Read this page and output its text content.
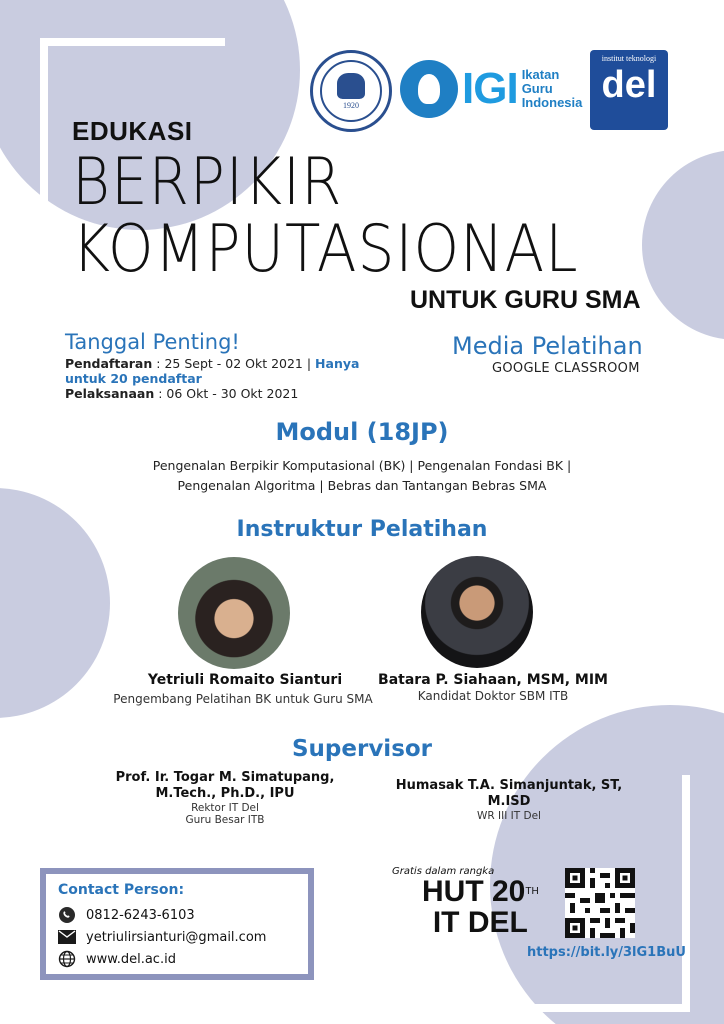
1920 IGI Ikatan
Guru
Indonesia
institut teknologi
del
EDUKASI
BERPIKIR
KOMPUTASIONAL
UNTUK GURU SMA
Tanggal Penting!
Pendaftaran : 25 Sept - 02 Okt 2021 | Hanya
untuk 20 pendaftar
Pelaksanaan : 06 Okt - 30 Okt 2021
Media Pelatihan
GOOGLE CLASSROOM
Modul (18JP)
Pengenalan Berpikir Komputasional (BK) | Pengenalan Fondasi BK |
Pengenalan Algoritma | Bebras dan Tantangan Bebras SMA
Instruktur Pelatihan
Yetriuli Romaito Sianturi
Pengembang Pelatihan BK untuk Guru SMA
Batara P. Siahaan, MSM, MIM
Kandidat Doktor SBM ITB
Supervisor
Prof. Ir. Togar M. Simatupang,
M.Tech., Ph.D., IPU
Rektor IT Del
Guru Besar ITB
Humasak T.A. Simanjuntak, ST,
M.ISD
WR III IT Del
Contact Person:
0812-6243-6103
yetriulirsianturi@gmail.com
www.del.ac.id
Gratis dalam rangka
HUT 20TH
IT DEL
https://bit.ly/3lG1BuU
